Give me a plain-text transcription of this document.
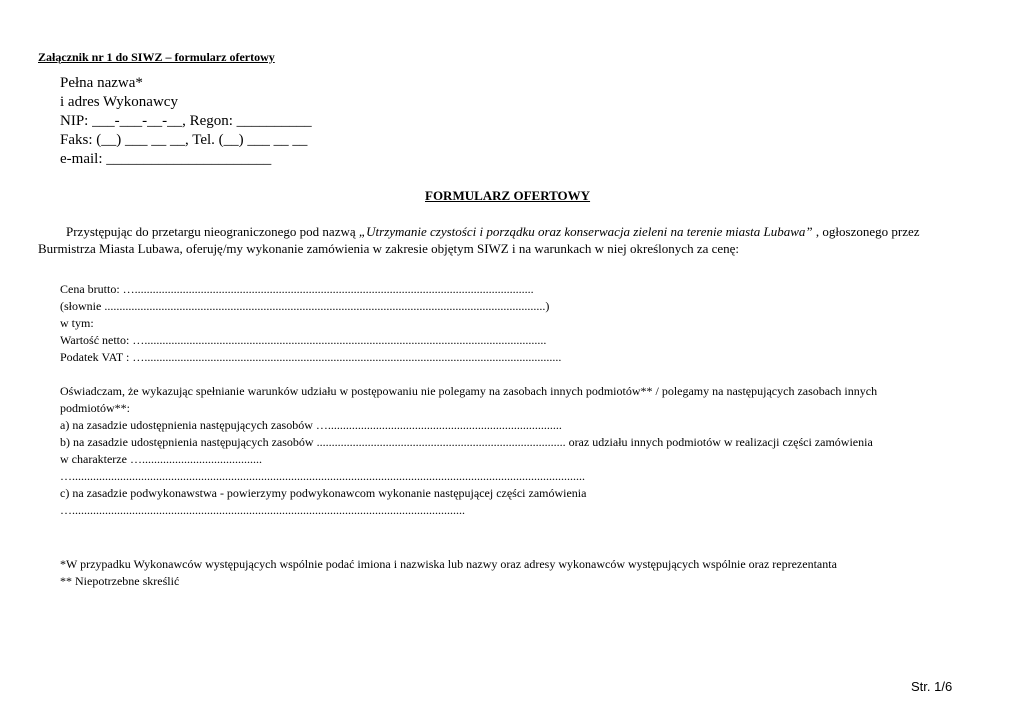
Załącznik nr 1 do SIWZ – formularz ofertowy
Pełna nazwa*
i adres Wykonawcy
NIP: ___-___-__-__, Regon: __________
Faks: (__) ___ __ __, Tel. (__) ___ __ __
e-mail: ______________________
FORMULARZ OFERTOWY
Przystępując do przetargu nieograniczonego pod nazwą „Utrzymanie czystości i porządku oraz konserwacja zieleni na terenie miasta Lubawa” , ogłoszonego przez
Burmistrza Miasta Lubawa, oferuję/my wykonanie zamówienia w zakresie objętym SIWZ i na warunkach w niej określonych za cenę:
Cena brutto: ….....................................................................................................................................
(słownie ...................................................................................................................................................)
w tym:
Wartość netto: …......................................................................................................................................
Podatek VAT : …...........................................................................................................................................
Oświadczam, że wykazując spełnianie warunków udziału w postępowaniu nie polegamy na zasobach innych podmiotów** / polegamy na następujących zasobach innych
podmiotów**:
a) na zasadzie udostępnienia następujących zasobów …..............................................................................
b) na zasadzie udostępnienia następujących zasobów ................................................................................... oraz udziału innych podmiotów w realizacji części zamówienia
w charakterze …........................................
…...........................................................................................................................................................................
c) na zasadzie podwykonawstwa - powierzymy podwykonawcom wykonanie następującej części zamówienia
…...................................................................................................................................
*W przypadku Wykonawców występujących wspólnie podać imiona i nazwiska lub nazwy oraz adresy wykonawców występujących wspólnie oraz reprezentanta
** Niepotrzebne skreślić
Str. 1/6
